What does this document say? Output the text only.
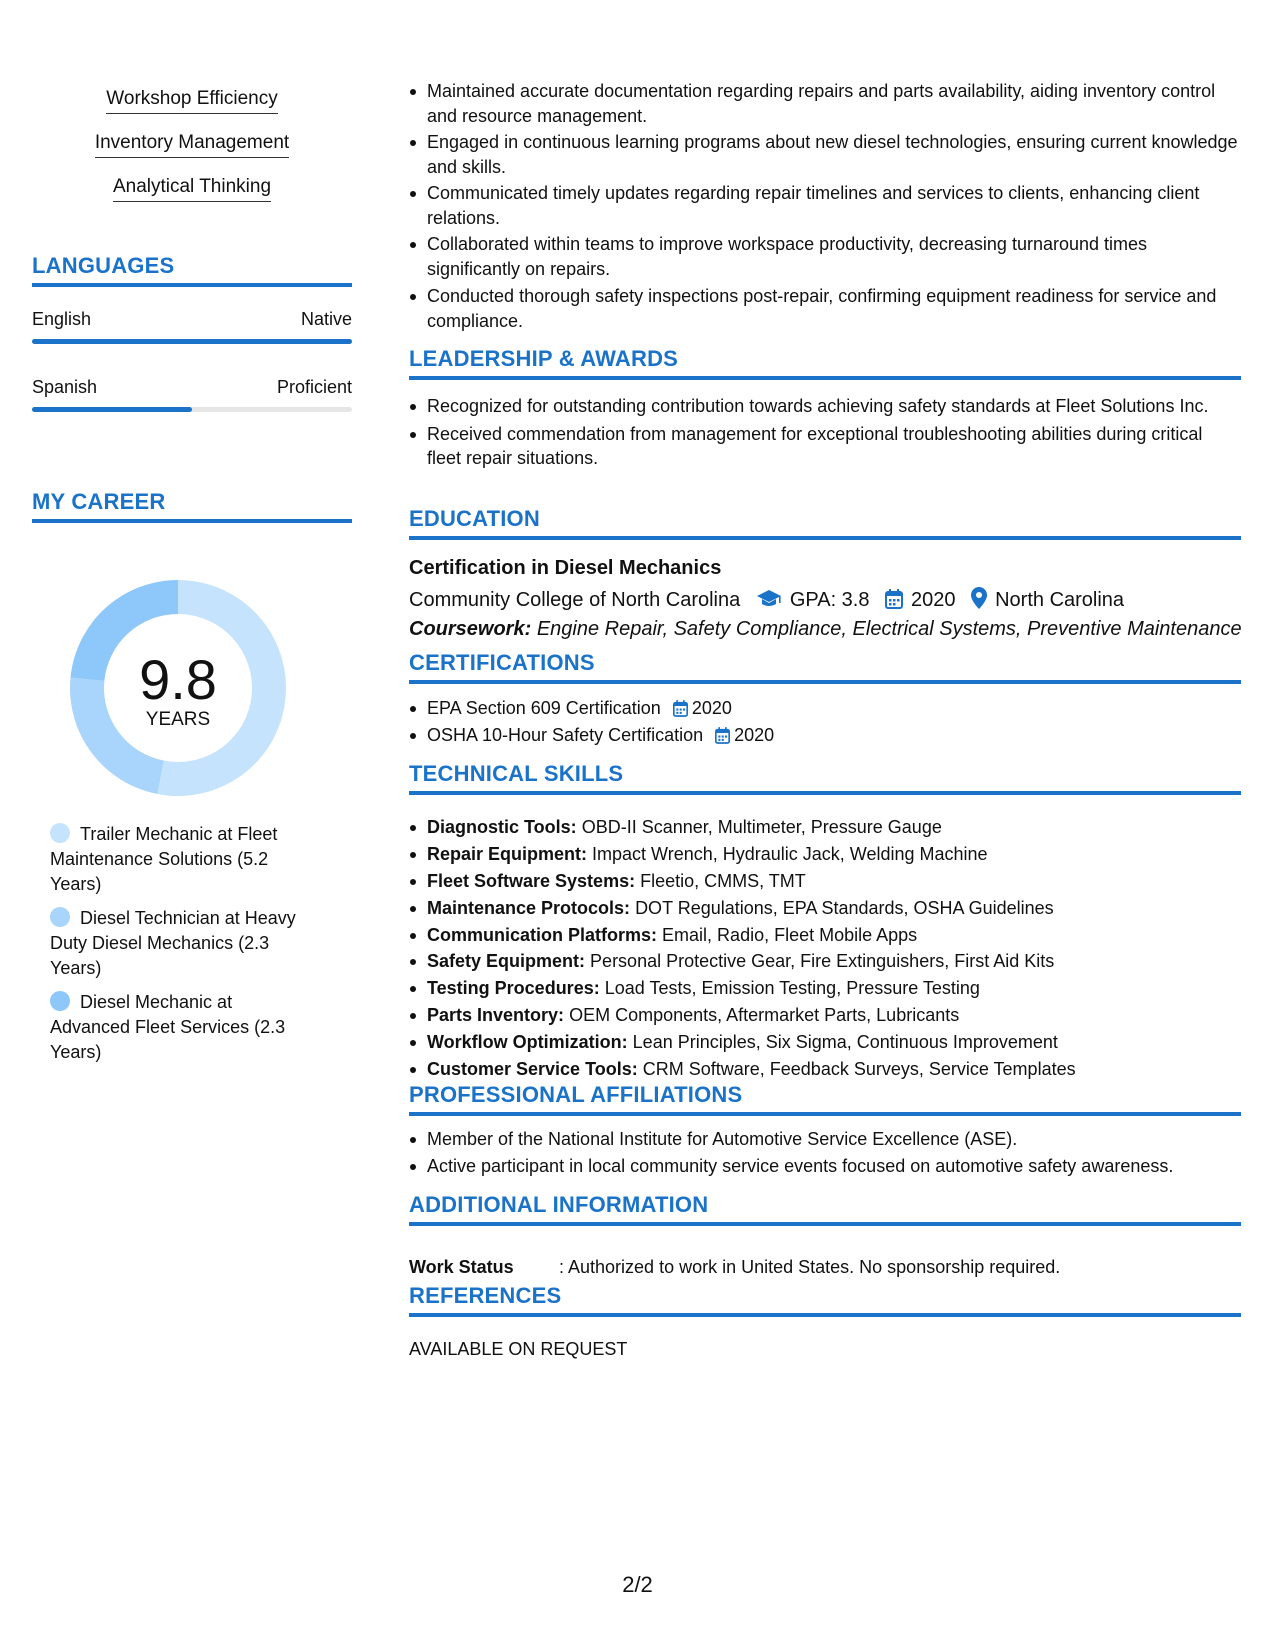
Workshop Efficiency
Inventory Management
Analytical Thinking
LANGUAGES
English	Native
Spanish	Proficient
MY CAREER
9.8
YEARS
Trailer Mechanic at Fleet Maintenance Solutions (5.2 Years)
Diesel Technician at Heavy Duty Diesel Mechanics (2.3 Years)
Diesel Mechanic at Advanced Fleet Services (2.3 Years)
Maintained accurate documentation regarding repairs and parts availability, aiding inventory control and resource management.
Engaged in continuous learning programs about new diesel technologies, ensuring current knowledge and skills.
Communicated timely updates regarding repair timelines and services to clients, enhancing client relations.
Collaborated within teams to improve workspace productivity, decreasing turnaround times significantly on repairs.
Conducted thorough safety inspections post-repair, confirming equipment readiness for service and compliance.
LEADERSHIP & AWARDS
Recognized for outstanding contribution towards achieving safety standards at Fleet Solutions Inc.
Received commendation from management for exceptional troubleshooting abilities during critical fleet repair situations.
EDUCATION
Certification in Diesel Mechanics
Community College of North Carolina GPA: 3.8 2020 North Carolina
Coursework: Engine Repair, Safety Compliance, Electrical Systems, Preventive Maintenance
CERTIFICATIONS
EPA Section 609 Certification 2020
OSHA 10-Hour Safety Certification 2020
TECHNICAL SKILLS
Diagnostic Tools: OBD-II Scanner, Multimeter, Pressure Gauge
Repair Equipment: Impact Wrench, Hydraulic Jack, Welding Machine
Fleet Software Systems: Fleetio, CMMS, TMT
Maintenance Protocols: DOT Regulations, EPA Standards, OSHA Guidelines
Communication Platforms: Email, Radio, Fleet Mobile Apps
Safety Equipment: Personal Protective Gear, Fire Extinguishers, First Aid Kits
Testing Procedures: Load Tests, Emission Testing, Pressure Testing
Parts Inventory: OEM Components, Aftermarket Parts, Lubricants
Workflow Optimization: Lean Principles, Six Sigma, Continuous Improvement
Customer Service Tools: CRM Software, Feedback Surveys, Service Templates
PROFESSIONAL AFFILIATIONS
Member of the National Institute for Automotive Service Excellence (ASE).
Active participant in local community service events focused on automotive safety awareness.
ADDITIONAL INFORMATION
Work Status	: Authorized to work in United States. No sponsorship required.
REFERENCES
AVAILABLE ON REQUEST
2/2
